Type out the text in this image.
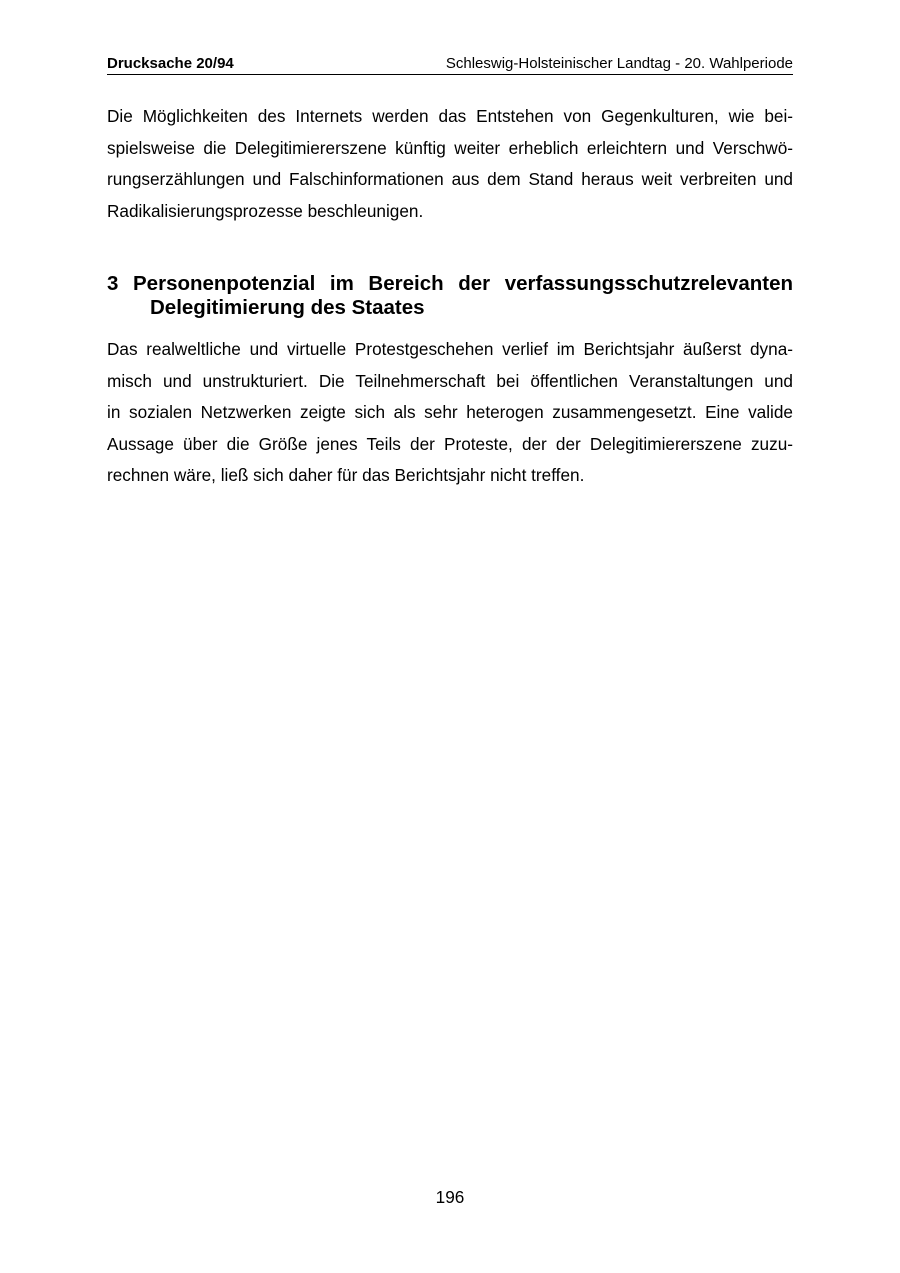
Drucksache 20/94	Schleswig-Holsteinischer Landtag - 20. Wahlperiode

Die Möglichkeiten des Internets werden das Entstehen von Gegenkulturen, wie bei-
spielsweise die Delegitimiererszene künftig weiter erheblich erleichtern und Verschwö-
rungserzählungen und Falschinformationen aus dem Stand heraus weit verbreiten und
Radikalisierungsprozesse beschleunigen.

3 Personenpotenzial im Bereich der verfassungsschutzrelevanten
Delegitimierung des Staates

Das realweltliche und virtuelle Protestgeschehen verlief im Berichtsjahr äußerst dyna-
misch und unstrukturiert. Die Teilnehmerschaft bei öffentlichen Veranstaltungen und
in sozialen Netzwerken zeigte sich als sehr heterogen zusammengesetzt. Eine valide
Aussage über die Größe jenes Teils der Proteste, der der Delegitimiererszene zuzu-
rechnen wäre, ließ sich daher für das Berichtsjahr nicht treffen.

196
